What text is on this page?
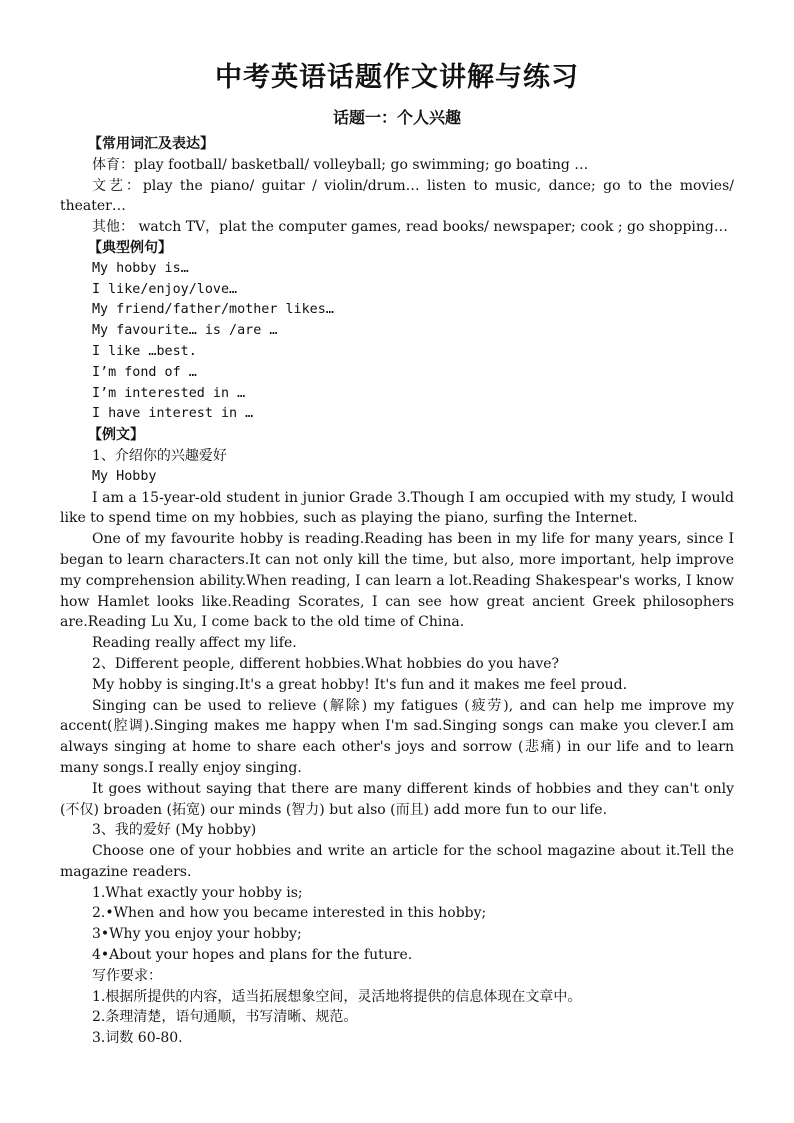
中考英语话题作文讲解与练习
话题一：个人兴趣
【常用词汇及表达】

体育：play football/ basketball/ volleyball; go swimming; go boating …

文艺：play the piano/ guitar / violin/drum… listen to music, dance; go to the movies/ theater…

其他： watch TV，plat the computer games, read books/ newspaper; cook ; go shopping…

【典型例句】

My hobby is…

I like/enjoy/love…

My friend/father/mother likes…

My favourite… is /are …

I like …best.

I’m fond of …

I’m interested in …

I have interest in …

【例文】

1、介绍你的兴趣爱好

My Hobby

I am a 15-year-old student in junior Grade 3.Though I am occupied with my study, I would like to spend time on my hobbies, such as playing the piano, surfing the Internet.

One of my favourite hobby is reading.Reading has been in my life for many years, since I began to learn characters.It can not only kill the time, but also, more important, help improve my comprehension ability.When reading, I can learn a lot.Reading Shakespear's works, I know how Hamlet looks like.Reading Scorates, I can see how great ancient Greek philosophers are.Reading Lu Xu, I come back to the old time of China.

Reading really affect my life.

2、Different people, different hobbies.What hobbies do you have?

My hobby is singing.It's a great hobby! It's fun and it makes me feel proud.

Singing can be used to relieve (解除) my fatigues (疲劳), and can help me improve my accent(腔调).Singing makes me happy when I'm sad.Singing songs can make you clever.I am always singing at home to share each other's joys and sorrow (悲痛) in our life and to learn many songs.I really enjoy singing.

It goes without saying that there are many different kinds of hobbies and they can't only (不仅) broaden (拓宽) our minds (智力) but also (而且) add more fun to our life.

3、我的爱好 (My hobby)

Choose one of your hobbies and write an article for the school magazine about it.Tell the magazine readers.

1.What exactly your hobby is;

2.•When and how you became interested in this hobby;

3•Why you enjoy your hobby;

4•About your hopes and plans for the future.

写作要求：

1.根据所提供的内容，适当拓展想象空间，灵活地将提供的信息体现在文章中。

2.条理清楚，语句通顺，书写清晰、规范。

3.词数 60-80.
